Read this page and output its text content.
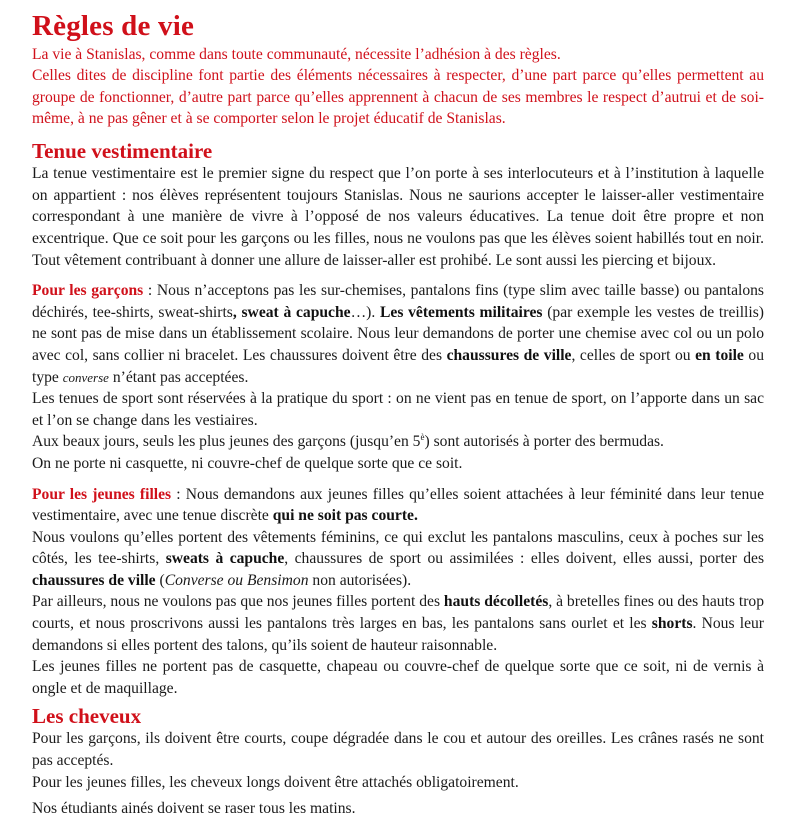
Règles de vie

La vie à Stanislas, comme dans toute communauté, nécessite l’adhésion à des règles.

Celles dites de discipline font partie des éléments nécessaires à respecter, d’une part parce qu’elles permettent au groupe de fonctionner, d’autre part parce qu’elles apprennent à chacun de ses membres le respect d’autrui et de soi-même, à ne pas gêner et à se comporter selon le projet éducatif de Stanislas.

Tenue vestimentaire

La tenue vestimentaire est le premier signe du respect que l’on porte à ses interlocuteurs et à l’institution à laquelle on appartient : nos élèves représentent toujours Stanislas. Nous ne saurions accepter le laisser-aller vestimentaire correspondant à une manière de vivre à l’opposé de nos valeurs éducatives. La tenue doit être propre et non excentrique. Que ce soit pour les garçons ou les filles, nous ne voulons pas que les élèves soient habillés tout en noir. Tout vêtement contribuant à donner une allure de laisser-aller est prohibé. Le sont aussi les piercing et bijoux.

Pour les garçons : Nous n’acceptons pas les sur-chemises, pantalons fins (type slim avec taille basse) ou pantalons déchirés, tee-shirts, sweat-shirts, sweat à capuche…). Les vêtements militaires (par exemple les vestes de treillis) ne sont pas de mise dans un établissement scolaire. Nous leur demandons de porter une chemise avec col ou un polo avec col, sans collier ni bracelet. Les chaussures doivent être des chaussures de ville, celles de sport ou en toile ou type converse n’étant pas acceptées.

Les tenues de sport sont réservées à la pratique du sport : on ne vient pas en tenue de sport, on l’apporte dans un sac et l’on se change dans les vestiaires.

Aux beaux jours, seuls les plus jeunes des garçons (jusqu’en $5^è$) sont autorisés à porter des bermudas.

On ne porte ni casquette, ni couvre-chef de quelque sorte que ce soit.

Pour les jeunes filles : Nous demandons aux jeunes filles qu’elles soient attachées à leur féminité dans leur tenue vestimentaire, avec une tenue discrète qui ne soit pas courte.

Nous voulons qu’elles portent des vêtements féminins, ce qui exclut les pantalons masculins, ceux à poches sur les côtés, les tee-shirts, sweats à capuche, chaussures de sport ou assimilées : elles doivent, elles aussi, porter des chaussures de ville (Converse ou Bensimon non autorisées).

Par ailleurs, nous ne voulons pas que nos jeunes filles portent des hauts décolletés, à bretelles fines ou des hauts trop courts, et nous proscrivons aussi les pantalons très larges en bas, les pantalons sans ourlet et les shorts. Nous leur demandons si elles portent des talons, qu’ils soient de hauteur raisonnable.

Les jeunes filles ne portent pas de casquette, chapeau ou couvre-chef de quelque sorte que ce soit, ni de vernis à ongle et de maquillage.

Les cheveux

Pour les garçons, ils doivent être courts, coupe dégradée dans le cou et autour des oreilles. Les crânes rasés ne sont pas acceptés.

Pour les jeunes filles, les cheveux longs doivent être attachés obligatoirement.

Nos étudiants ainés doivent se raser tous les matins.
